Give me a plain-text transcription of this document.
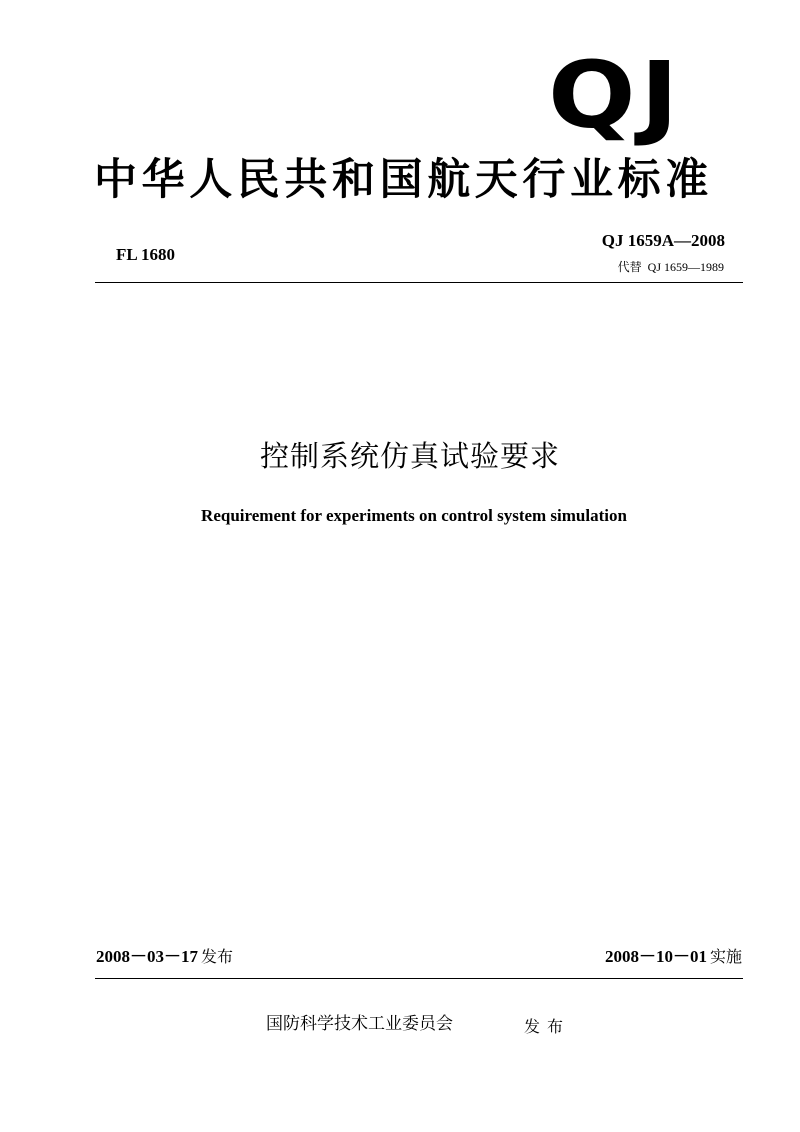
QJ
中华人民共和国航天行业标准
FL 1680
QJ 1659A—2008
代替 QJ 1659—1989
控制系统仿真试验要求
Requirement for experiments on control system simulation
2008－03－17 发布	2008－10－01 实施
国防科学技术工业委员会	发布
